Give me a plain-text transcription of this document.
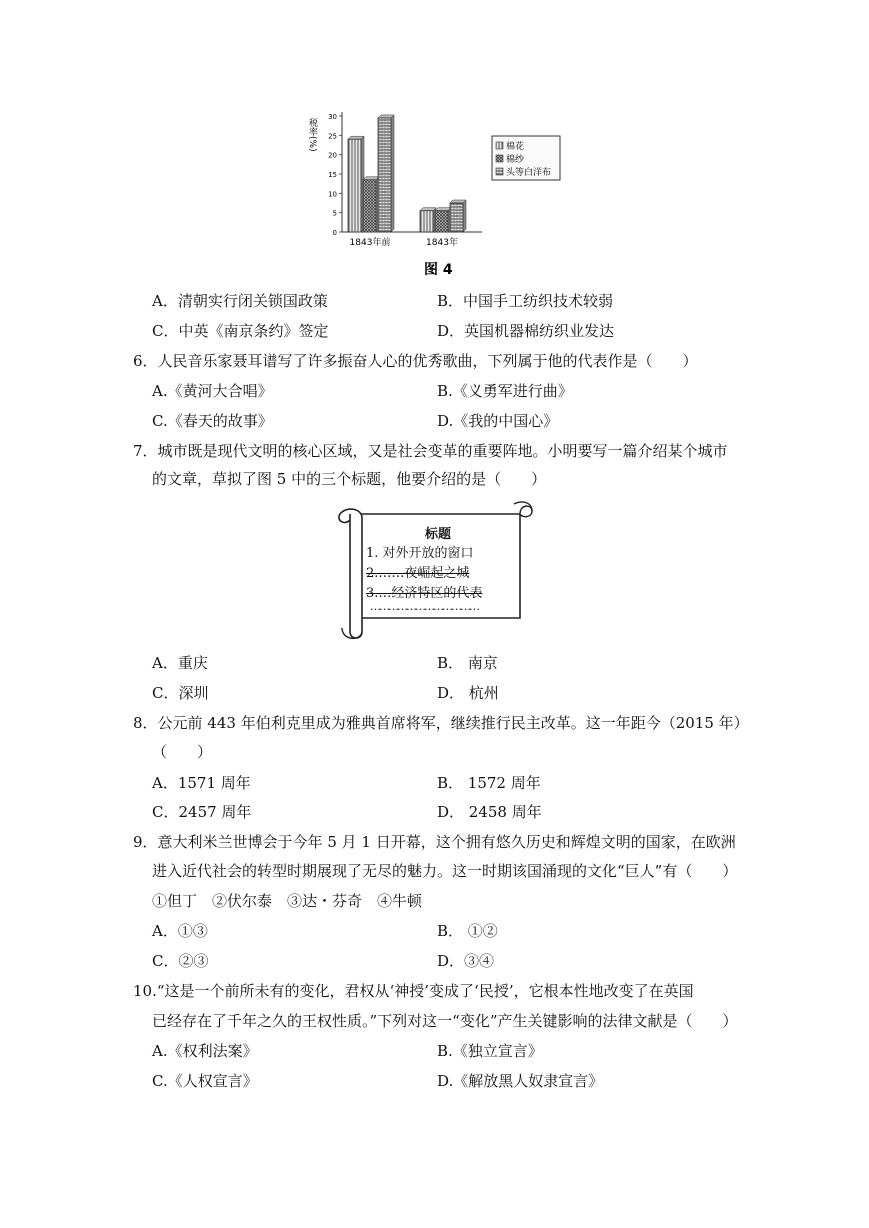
税率(%)
30
25
20
15
10
5
0
1843年前	1843年
棉花
棉纱
头等白洋布
图 4
A．清朝实行闭关锁国政策	B．中国手工纺织技术较弱
C．中英《南京条约》签定	D．英国机器棉纺织业发达
6．人民音乐家聂耳谱写了许多振奋人心的优秀歌曲，下列属于他的代表作是（　　）
A.《黄河大合唱》	B.《义勇军进行曲》
C.《春天的故事》	D.《我的中国心》
7．城市既是现代文明的核心区域，又是社会变革的重要阵地。小明要写一篇介绍某个城市
的文章，草拟了图 5 中的三个标题，他要介绍的是（　　）
标题
1. 对外开放的窗口
2.……夜崛起之城
3.…经济特区的代表
………………………………
A．重庆	B． 南京
C．深圳	D． 杭州
8．公元前 443 年伯利克里成为雅典首席将军，继续推行民主改革。这一年距今（2015 年）
（　　）
A．1571 周年	B． 1572 周年
C．2457 周年	D． 2458 周年
9．意大利米兰世博会于今年 5 月 1 日开幕，这个拥有悠久历史和辉煌文明的国家，在欧洲
进入近代社会的转型时期展现了无尽的魅力。这一时期该国涌现的文化“巨人”有（　　）
①但丁　②伏尔泰　③达・芬奇　④牛顿
A．①③	B． ①②
C．②③	D．③④
10.“这是一个前所未有的变化，君权从‘神授’变成了‘民授’，它根本性地改变了在英国
已经存在了千年之久的王权性质。”下列对这一“变化”产生关键影响的法律文献是（　　）
A.《权利法案》	B.《独立宣言》
C.《人权宣言》	D.《解放黑人奴隶宣言》
